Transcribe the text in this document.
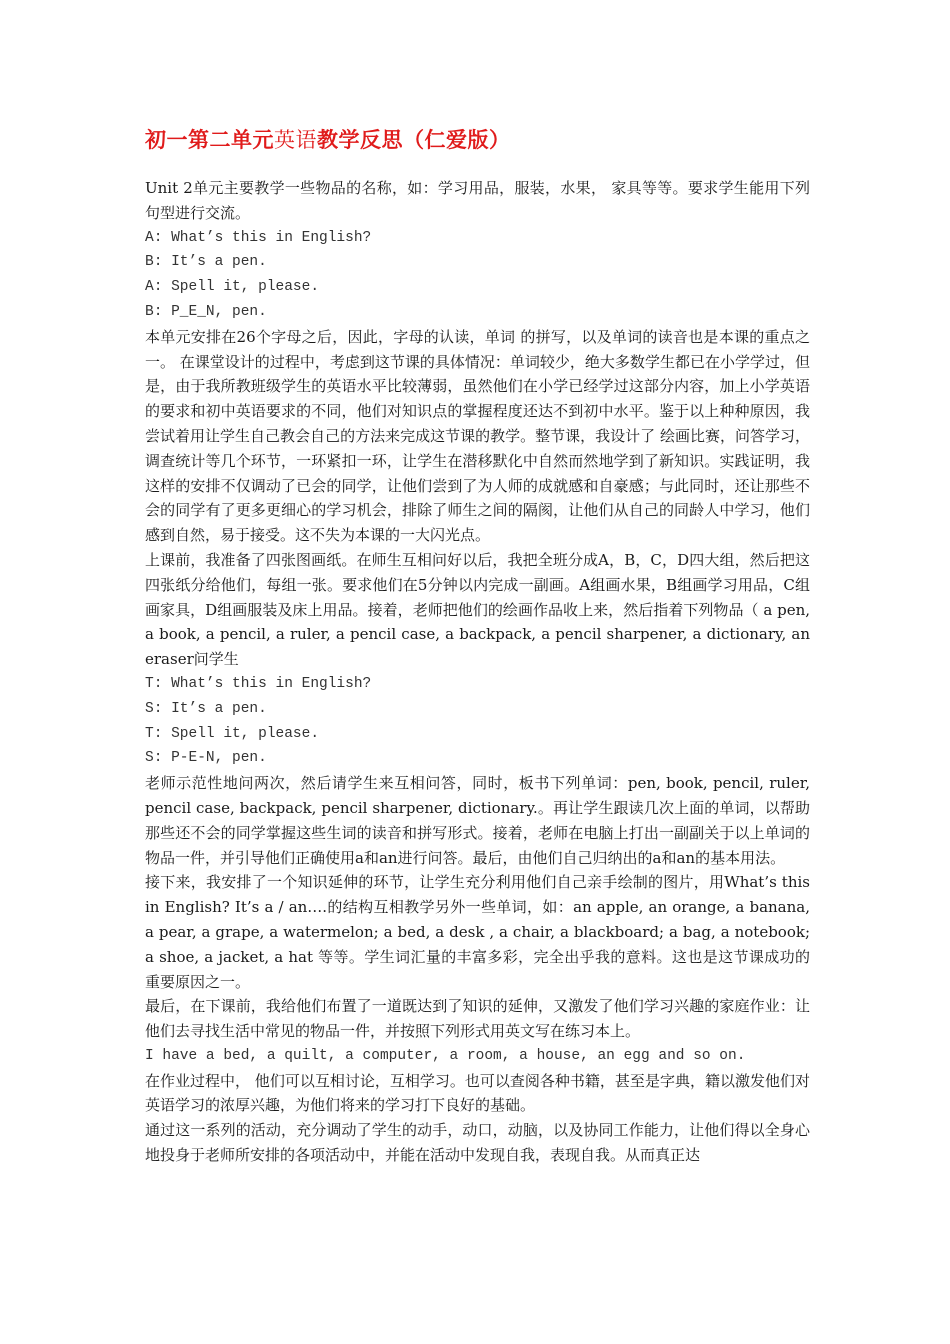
初一第二单元英语教学反思（仁爱版）

Unit 2单元主要教学一些物品的名称，如：学习用品，服装，水果， 家具等等。要求学生能用下列句型进行交流。

A: What’s this in English?

B: It’s a pen.

A: Spell it, please.

B: P_E_N, pen.

本单元安排在26个字母之后，因此，字母的认读，单词 的拼写，以及单词的读音也是本课的重点之一。 在课堂设计的过程中，考虑到这节课的具体情况：单词较少，绝大多数学生都已在小学学过，但是，由于我所教班级学生的英语水平比较薄弱，虽然他们在小学已经学过这部分内容，加上小学英语的要求和初中英语要求的不同，他们对知识点的掌握程度还达不到初中水平。鉴于以上种种原因，我尝试着用让学生自己教会自己的方法来完成这节课的教学。整节课，我设计了 绘画比赛，问答学习，调查统计等几个环节，一环紧扣一环，让学生在潜移默化中自然而然地学到了新知识。实践证明，我这样的安排不仅调动了已会的同学，让他们尝到了为人师的成就感和自豪感；与此同时，还让那些不会的同学有了更多更细心的学习机会，排除了师生之间的隔阂，让他们从自己的同龄人中学习，他们感到自然，易于接受。这不失为本课的一大闪光点。

上课前，我准备了四张图画纸。在师生互相问好以后，我把全班分成A，B，C，D四大组，然后把这四张纸分给他们，每组一张。要求他们在5分钟以内完成一副画。A组画水果，B组画学习用品，C组画家具，D组画服装及床上用品。接着，老师把他们的绘画作品收上来，然后指着下列物品（ a pen, a book, a pencil, a ruler, a pencil case, a backpack, a pencil sharpener, a dictionary, an eraser问学生

T: What’s this in English?

S: It’s a pen.

T: Spell it, please.

S: P-E-N, pen.

老师示范性地问两次，然后请学生来互相问答，同时，板书下列单词：pen, book, pencil, ruler, pencil case, backpack, pencil sharpener, dictionary.。再让学生跟读几次上面的单词，以帮助那些还不会的同学掌握这些生词的读音和拼写形式。接着，老师在电脑上打出一副副关于以上单词的物品一件，并引导他们正确使用a和an进行问答。最后，由他们自己归纳出的a和an的基本用法。

接下来，我安排了一个知识延伸的环节，让学生充分利用他们自己亲手绘制的图片，用What’s this in English? It’s a / an….的结构互相教学另外一些单词，如：an apple, an orange, a banana, a pear, a grape, a watermelon; a bed, a desk , a chair, a blackboard; a bag, a notebook; a shoe, a jacket, a hat 等等。学生词汇量的丰富多彩，完全出乎我的意料。这也是这节课成功的重要原因之一。

最后，在下课前，我给他们布置了一道既达到了知识的延伸，又激发了他们学习兴趣的家庭作业：让他们去寻找生活中常见的物品一件，并按照下列形式用英文写在练习本上。

I have a bed, a quilt, a computer, a room, a house, an egg and so on.

在作业过程中， 他们可以互相讨论，互相学习。也可以查阅各种书籍，甚至是字典，籍以激发他们对英语学习的浓厚兴趣，为他们将来的学习打下良好的基础。

通过这一系列的活动，充分调动了学生的动手，动口，动脑，以及协同工作能力，让他们得以全身心地投身于老师所安排的各项活动中，并能在活动中发现自我，表现自我。从而真正达
